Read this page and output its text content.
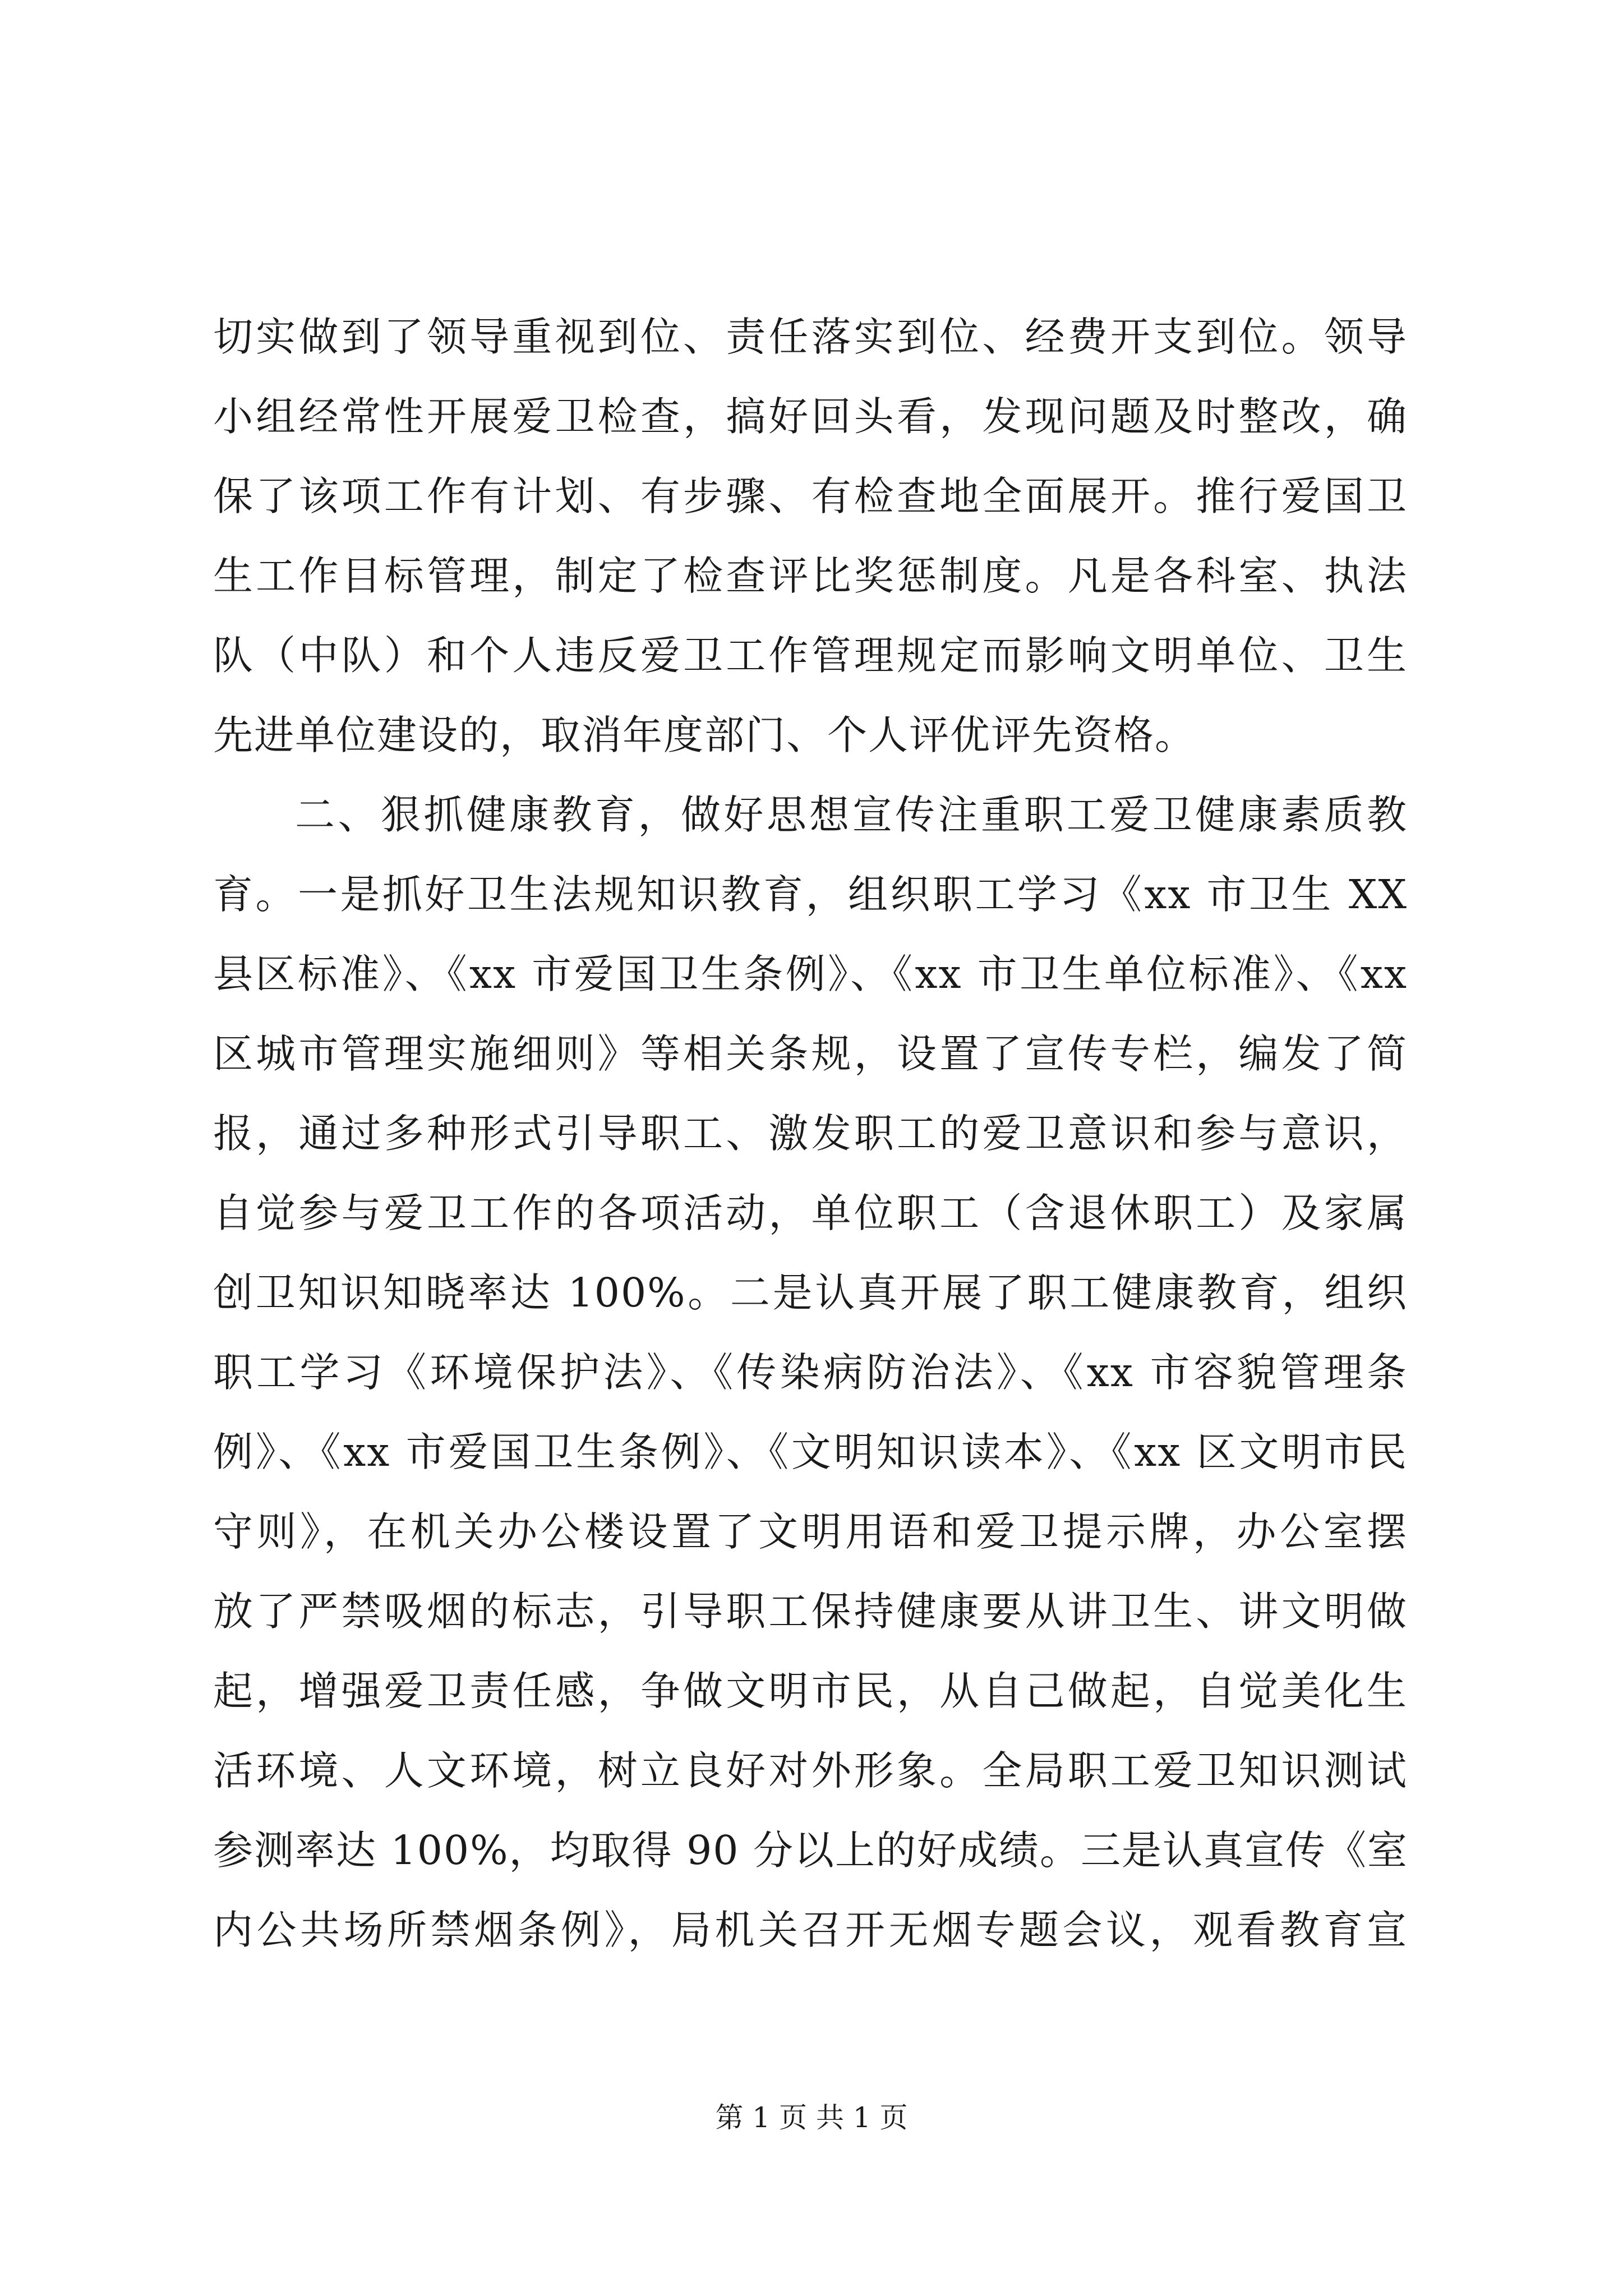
切实做到了领导重视到位、责任落实到位、经费开支到位。领导
小组经常性开展爱卫检查，搞好回头看，发现问题及时整改，确
保了该项工作有计划、有步骤、有检查地全面展开。推行爱国卫
生工作目标管理，制定了检查评比奖惩制度。凡是各科室、执法
队（中队）和个人违反爱卫工作管理规定而影响文明单位、卫生
先进单位建设的，取消年度部门、个人评优评先资格。
二、狠抓健康教育，做好思想宣传注重职工爱卫健康素质教
育。一是抓好卫生法规知识教育，组织职工学习《xx 市卫生 XX
县区标准》、《xx 市爱国卫生条例》、《xx 市卫生单位标准》、《xx
区城市管理实施细则》等相关条规，设置了宣传专栏，编发了简
报，通过多种形式引导职工、激发职工的爱卫意识和参与意识，
自觉参与爱卫工作的各项活动，单位职工（含退休职工）及家属
创卫知识知晓率达 100%。二是认真开展了职工健康教育，组织
职工学习《环境保护法》、《传染病防治法》、《xx 市容貌管理条
例》、《xx 市爱国卫生条例》、《文明知识读本》、《xx 区文明市民
守则》，在机关办公楼设置了文明用语和爱卫提示牌，办公室摆
放了严禁吸烟的标志，引导职工保持健康要从讲卫生、讲文明做
起，增强爱卫责任感，争做文明市民，从自己做起，自觉美化生
活环境、人文环境，树立良好对外形象。全局职工爱卫知识测试
参测率达 100%，均取得 90 分以上的好成绩。三是认真宣传《室
内公共场所禁烟条例》，局机关召开无烟专题会议，观看教育宣
第 1 页 共 1 页
